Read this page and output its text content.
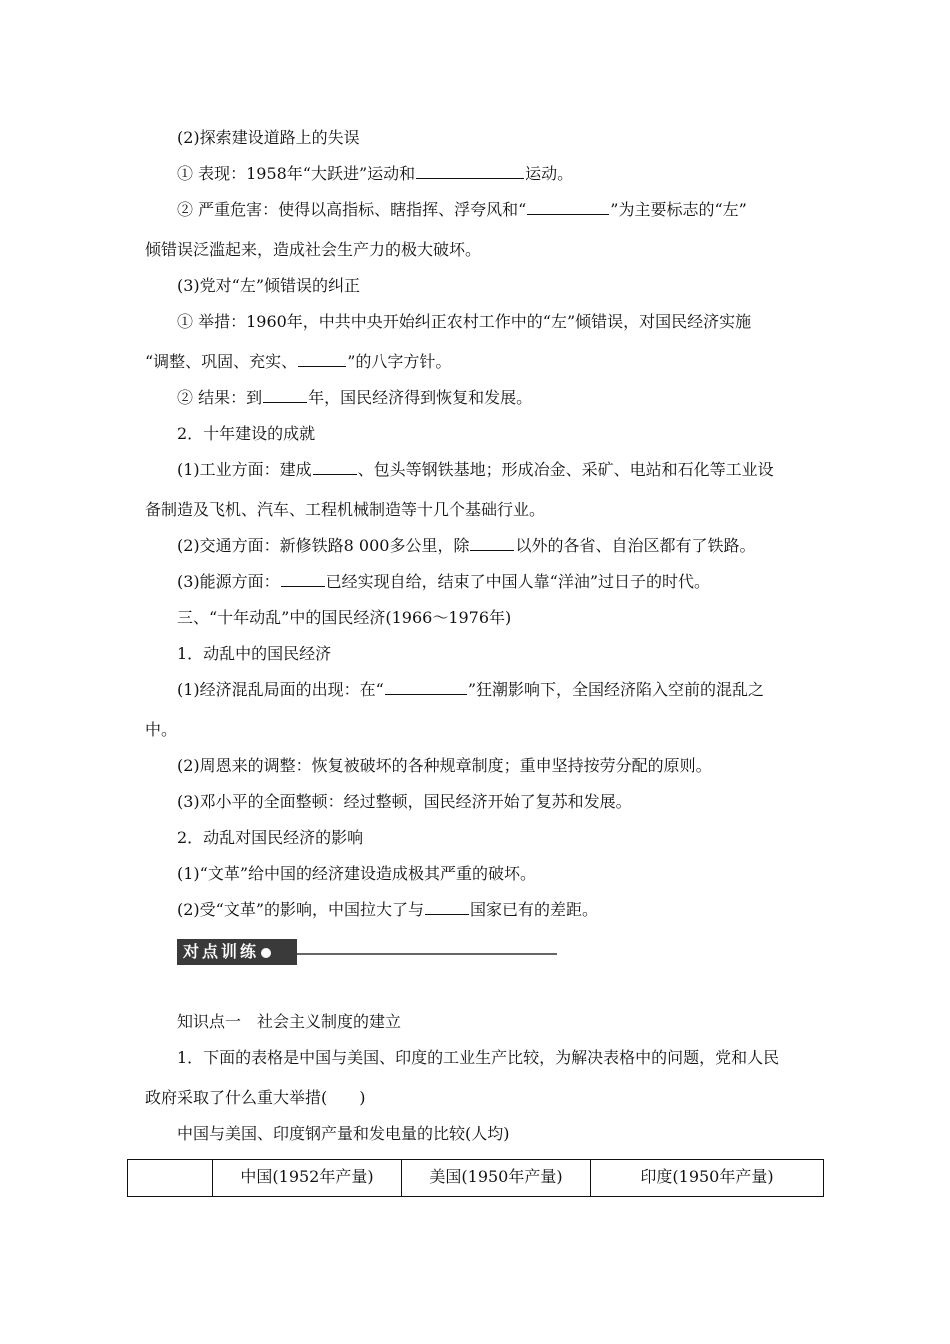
(2)探索建设道路上的失误
① 表现：1958年“大跃进”运动和	运动。
② 严重危害：使得以高指标、瞎指挥、浮夸风和“	”为主要标志的“左”
倾错误泛滥起来，造成社会生产力的极大破坏。
(3)党对“左”倾错误的纠正
① 举措：1960年，中共中央开始纠正农村工作中的“左”倾错误，对国民经济实施
“调整、巩固、充实、	”的八字方针。
② 结果：到	年，国民经济得到恢复和发展。
2．十年建设的成就
(1)工业方面：建成	、包头等钢铁基地；形成冶金、采矿、电站和石化等工业设
备制造及飞机、汽车、工程机械制造等十几个基础行业。
(2)交通方面：新修铁路8 000多公里，除	以外的各省、自治区都有了铁路。
(3)能源方面：	已经实现自给，结束了中国人靠“洋油”过日子的时代。
三、“十年动乱”中的国民经济(1966～1976年)
1．动乱中的国民经济
(1)经济混乱局面的出现：在“	”狂潮影响下，全国经济陷入空前的混乱之
中。
(2)周恩来的调整：恢复被破坏的各种规章制度；重申坚持按劳分配的原则。
(3)邓小平的全面整顿：经过整顿，国民经济开始了复苏和发展。
2．动乱对国民经济的影响
(1)“文革”给中国的经济建设造成极其严重的破坏。
(2)受“文革”的影响，中国拉大了与	国家已有的差距。
对点训练
知识点一　社会主义制度的建立
1．下面的表格是中国与美国、印度的工业生产比较，为解决表格中的问题，党和人民
政府采取了什么重大举措(　　)
中国与美国、印度钢产量和发电量的比较(人均)
	中国(1952年产量)	美国(1950年产量)	印度(1950年产量)
